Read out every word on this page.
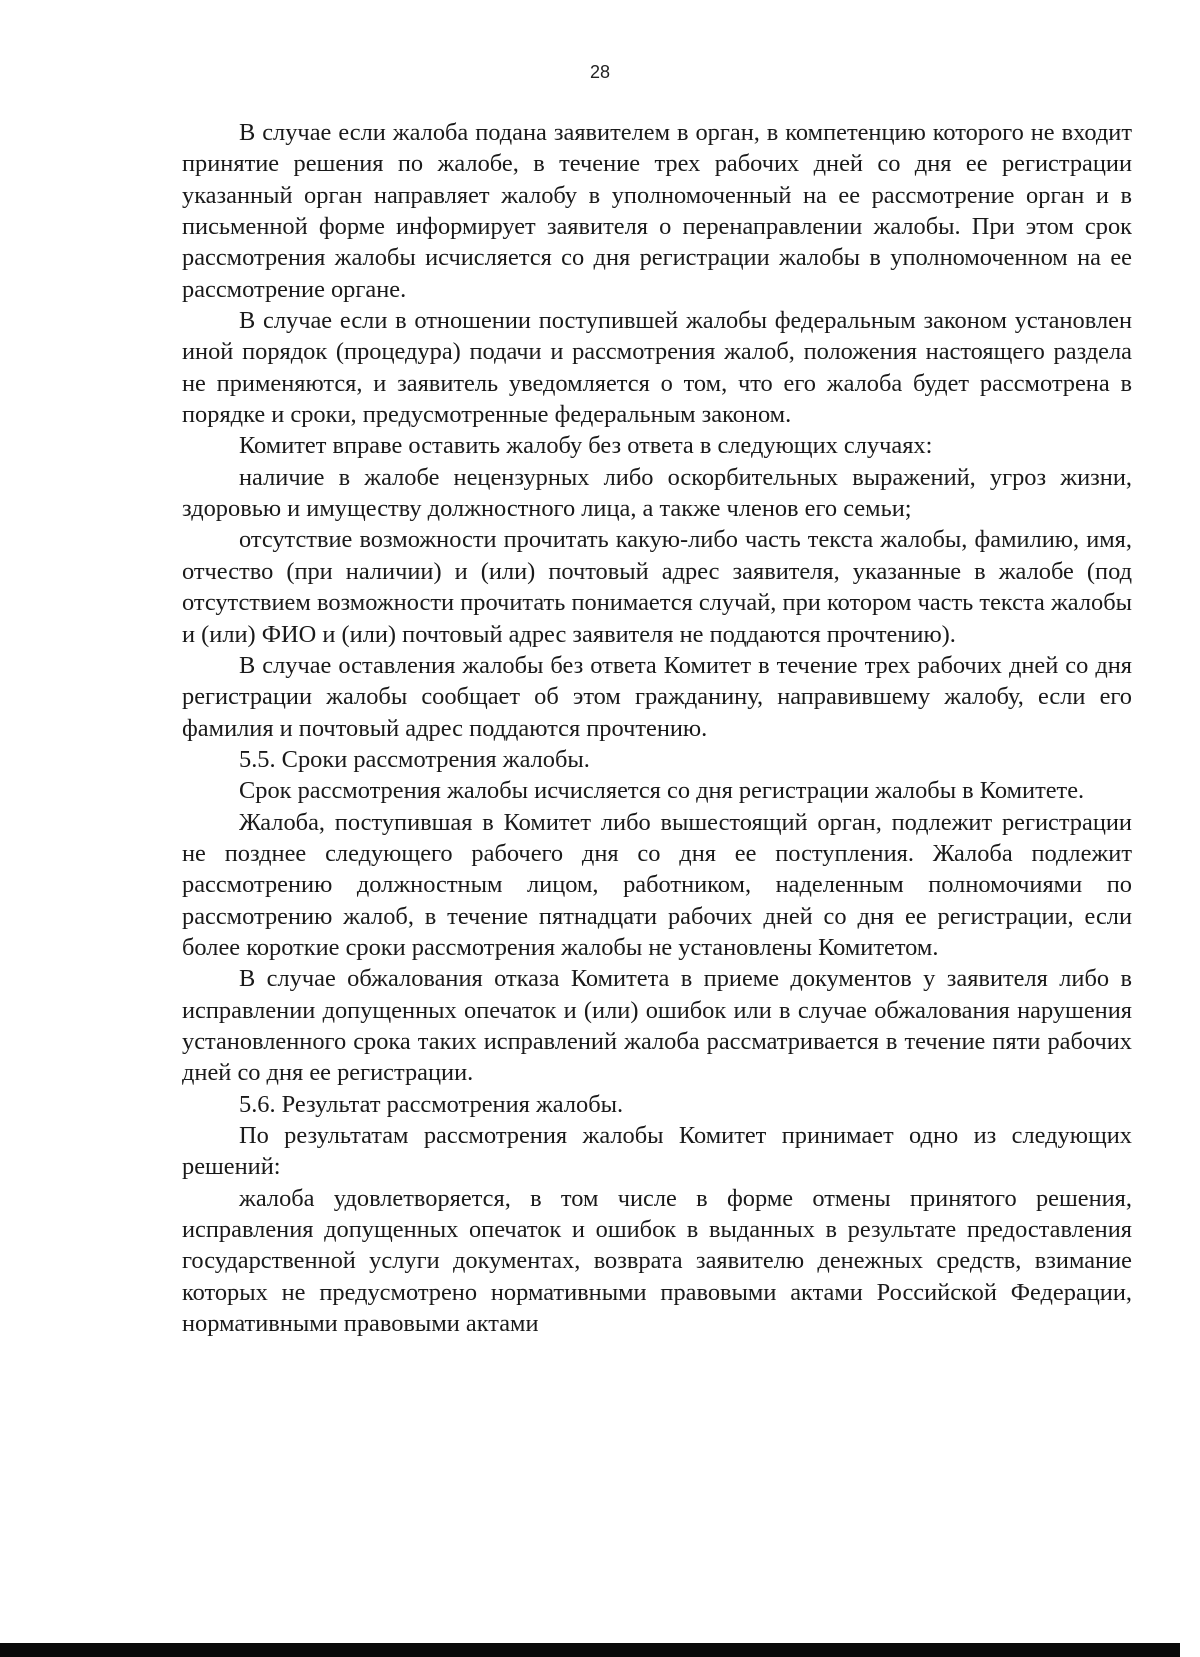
28

В случае если жалоба подана заявителем в орган, в компетенцию которого не входит принятие решения по жалобе, в течение трех рабочих дней со дня ее регистрации указанный орган направляет жалобу в уполномоченный на ее рассмотрение орган и в письменной форме информирует заявителя о перенаправлении жалобы. При этом срок рассмотрения жалобы исчисляется со дня регистрации жалобы в уполномоченном на ее рассмотрение органе.

В случае если в отношении поступившей жалобы федеральным законом установлен иной порядок (процедура) подачи и рассмотрения жалоб, положения настоящего раздела не применяются, и заявитель уведомляется о том, что его жалоба будет рассмотрена в порядке и сроки, предусмотренные федеральным законом.

Комитет вправе оставить жалобу без ответа в следующих случаях:

наличие в жалобе нецензурных либо оскорбительных выражений, угроз жизни, здоровью и имуществу должностного лица, а также членов его семьи;

отсутствие возможности прочитать какую-либо часть текста жалобы, фамилию, имя, отчество (при наличии) и (или) почтовый адрес заявителя, указанные в жалобе (под отсутствием возможности прочитать понимается случай, при котором часть текста жалобы и (или) ФИО и (или) почтовый адрес заявителя не поддаются прочтению).

В случае оставления жалобы без ответа Комитет в течение трех рабочих дней со дня регистрации жалобы сообщает об этом гражданину, направившему жалобу, если его фамилия и почтовый адрес поддаются прочтению.

5.5. Сроки рассмотрения жалобы.

Срок рассмотрения жалобы исчисляется со дня регистрации жалобы в Комитете.

Жалоба, поступившая в Комитет либо вышестоящий орган, подлежит регистрации не позднее следующего рабочего дня со дня ее поступления. Жалоба подлежит рассмотрению должностным лицом, работником, наделенным полномочиями по рассмотрению жалоб, в течение пятнадцати рабочих дней со дня ее регистрации, если более короткие сроки рассмотрения жалобы не установлены Комитетом.

В случае обжалования отказа Комитета в приеме документов у заявителя либо в исправлении допущенных опечаток и (или) ошибок или в случае обжалования нарушения установленного срока таких исправлений жалоба рассматривается в течение пяти рабочих дней со дня ее регистрации.

5.6. Результат рассмотрения жалобы.

По результатам рассмотрения жалобы Комитет принимает одно из следующих решений:

жалоба удовлетворяется, в том числе в форме отмены принятого решения, исправления допущенных опечаток и ошибок в выданных в результате предоставления государственной услуги документах, возврата заявителю денежных средств, взимание которых не предусмотрено нормативными правовыми актами Российской Федерации, нормативными правовыми актами
